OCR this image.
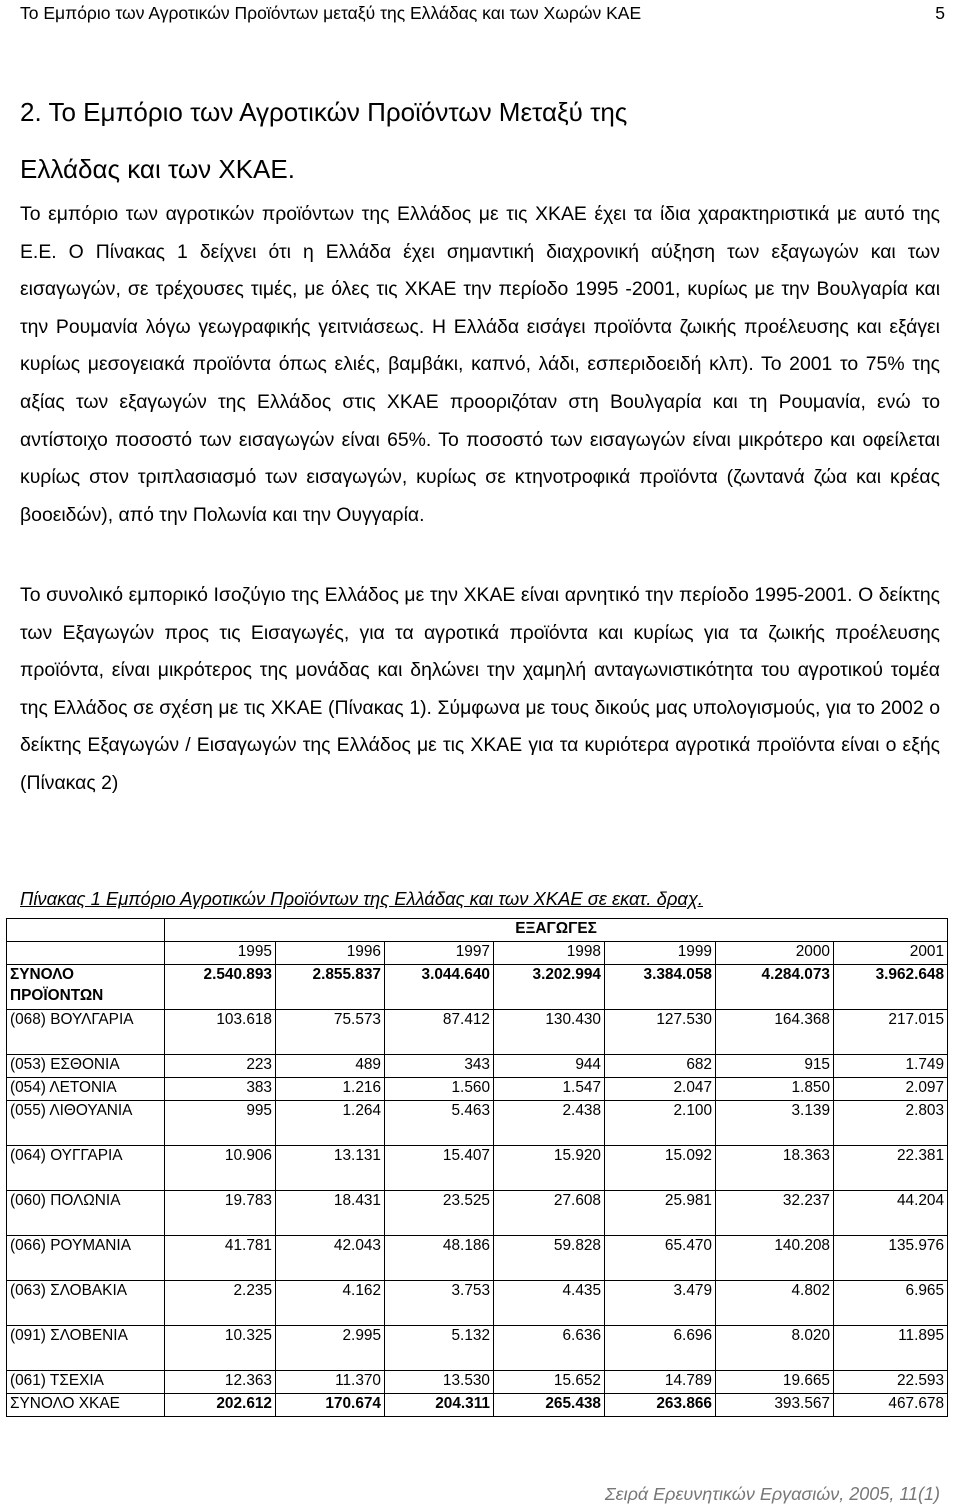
Το Εμπόριο των Αγροτικών Προϊόντων μεταξύ της Ελλάδας και των Χωρών ΚΑΕ	5
2. Το Εμπόριο των Αγροτικών Προϊόντων Μεταξύ της
Ελλάδας και των ΧΚΑΕ.

Το εμπόριο των αγροτικών προϊόντων της Ελλάδος με τις ΧΚΑΕ έχει τα ίδια χαρακτηριστικά με αυτό της Ε.Ε. Ο Πίνακας 1 δείχνει ότι η Ελλάδα έχει σημαντική διαχρονική αύξηση των εξαγωγών και των εισαγωγών, σε τρέχουσες τιμές, με όλες τις ΧΚΑΕ την περίοδο 1995 -2001, κυρίως με την Βουλγαρία και την Ρουμανία λόγω γεωγραφικής γειτνιάσεως. Η Ελλάδα εισάγει προϊόντα ζωικής προέλευσης και εξάγει κυρίως μεσογειακά προϊόντα όπως ελιές, βαμβάκι, καπνό, λάδι, εσπεριδοειδή κλπ). Το 2001 το 75% της αξίας των εξαγωγών της Ελλάδος στις ΧΚΑΕ προοριζόταν στη Βουλγαρία και τη Ρουμανία, ενώ το αντίστοιχο ποσοστό των εισαγωγών είναι 65%. Το ποσοστό των εισαγωγών είναι μικρότερο και οφείλεται κυρίως στον τριπλασιασμό των εισαγωγών, κυρίως σε κτηνοτροφικά προϊόντα (ζωντανά ζώα και κρέας βοοειδών), από την Πολωνία και την Ουγγαρία.

Το συνολικό εμπορικό Ισοζύγιο της Ελλάδος με την ΧΚΑΕ είναι αρνητικό την περίοδο 1995-2001. Ο δείκτης των Εξαγωγών προς τις Εισαγωγές, για τα αγροτικά προϊόντα και κυρίως για τα ζωικής προέλευσης προϊόντα, είναι μικρότερος της μονάδας και δηλώνει την χαμηλή ανταγωνιστικότητα του αγροτικού τομέα της Ελλάδος σε σχέση με τις ΧΚΑΕ (Πίνακας 1). Σύμφωνα με τους δικούς μας υπολογισμούς, για το 2002 ο δείκτης Εξαγωγών / Εισαγωγών της Ελλάδος με τις ΧΚΑΕ για τα κυριότερα αγροτικά προϊόντα είναι ο εξής (Πίνακας 2)

Πίνακας 1 Εμπόριο Αγροτικών Προϊόντων της Ελλάδας και των ΧΚΑΕ σε εκατ. δραχ.
	ΕΞΑΓΩΓΕΣ						
	1995	1996	1997	1998	1999	2000	2001
ΣΥΝΟΛΟ ΠΡΟΪΟΝΤΩΝ	2.540.893	2.855.837	3.044.640	3.202.994	3.384.058	4.284.073	3.962.648
(068) ΒΟΥΛΓΑΡΙΑ	103.618	75.573	87.412	130.430	127.530	164.368	217.015
(053) ΕΣΘΟΝΙΑ	223	489	343	944	682	915	1.749
(054) ΛΕΤΟΝΙΑ	383	1.216	1.560	1.547	2.047	1.850	2.097
(055) ΛΙΘΟΥΑΝΙΑ	995	1.264	5.463	2.438	2.100	3.139	2.803
(064) ΟΥΓΓΑΡΙΑ	10.906	13.131	15.407	15.920	15.092	18.363	22.381
(060) ΠΟΛΩΝΙΑ	19.783	18.431	23.525	27.608	25.981	32.237	44.204
(066) ΡΟΥΜΑΝΙΑ	41.781	42.043	48.186	59.828	65.470	140.208	135.976
(063) ΣΛΟΒΑΚΙΑ	2.235	4.162	3.753	4.435	3.479	4.802	6.965
(091) ΣΛΟΒΕΝΙΑ	10.325	2.995	5.132	6.636	6.696	8.020	11.895
(061) ΤΣΕΧΙΑ	12.363	11.370	13.530	15.652	14.789	19.665	22.593
ΣΥΝΟΛΟ ΧΚΑΕ	202.612	170.674	204.311	265.438	263.866	393.567	467.678
Σειρά Ερευνητικών Εργασιών, 2005, 11(1)
